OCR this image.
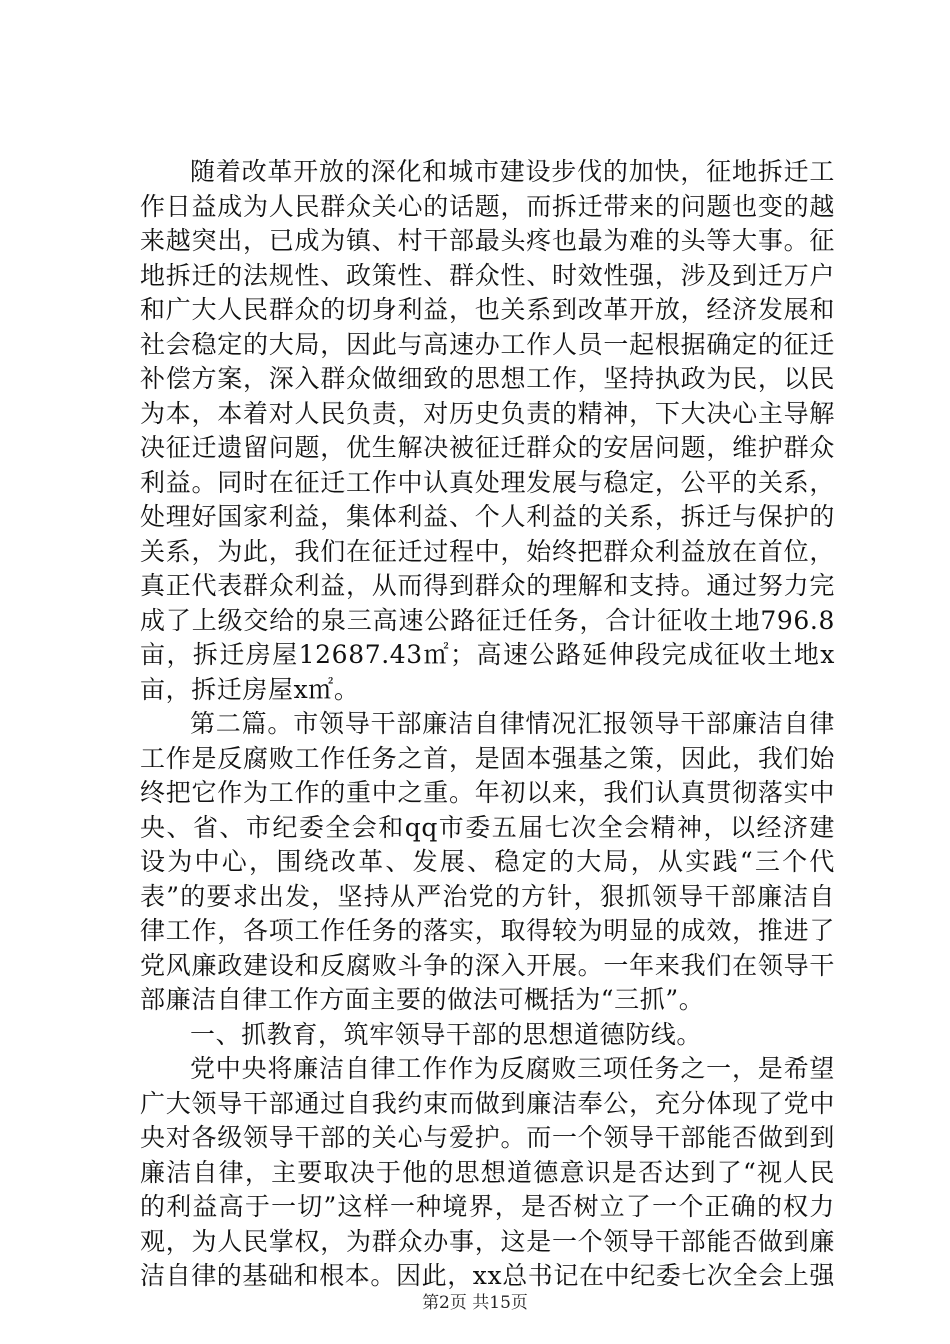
随着改革开放的深化和城市建设步伐的加快，征地拆迁工作日益成为人民群众关心的话题，而拆迁带来的问题也变的越来越突出，已成为镇、村干部最头疼也最为难的头等大事。征地拆迁的法规性、政策性、群众性、时效性强，涉及到迁万户和广大人民群众的切身利益，也关系到改革开放，经济发展和社会稳定的大局，因此与高速办工作人员一起根据确定的征迁补偿方案，深入群众做细致的思想工作，坚持执政为民，以民为本，本着对人民负责，对历史负责的精神，下大决心主导解决征迁遗留问题，优生解决被征迁群众的安居问题，维护群众利益。同时在征迁工作中认真处理发展与稳定，公平的关系，处理好国家利益，集体利益、个人利益的关系，拆迁与保护的关系，为此，我们在征迁过程中，始终把群众利益放在首位，真正代表群众利益，从而得到群众的理解和支持。通过努力完成了上级交给的泉三高速公路征迁任务，合计征收土地796.8亩，拆迁房屋12687.43㎡；高速公路延伸段完成征收土地x亩，拆迁房屋x㎡。

第二篇。市领导干部廉洁自律情况汇报领导干部廉洁自律工作是反腐败工作任务之首，是固本强基之策，因此，我们始终把它作为工作的重中之重。年初以来，我们认真贯彻落实中央、省、市纪委全会和qq市委五届七次全会精神，以经济建设为中心，围绕改革、发展、稳定的大局，从实践“三个代表”的要求出发，坚持从严治党的方针，狠抓领导干部廉洁自律工作，各项工作任务的落实，取得较为明显的成效，推进了党风廉政建设和反腐败斗争的深入开展。一年来我们在领导干部廉洁自律工作方面主要的做法可概括为“三抓”。

一、抓教育，筑牢领导干部的思想道德防线。

党中央将廉洁自律工作作为反腐败三项任务之一，是希望广大领导干部通过自我约束而做到廉洁奉公，充分体现了党中央对各级领导干部的关心与爱护。而一个领导干部能否做到到廉洁自律，主要取决于他的思想道德意识是否达到了“视人民的利益高于一切”这样一种境界，是否树立了一个正确的权力观，为人民掌权，为群众办事，这是一个领导干部能否做到廉洁自律的基础和根本。因此，xx总书记在中纪委七次全会上强

第2页 共15页
